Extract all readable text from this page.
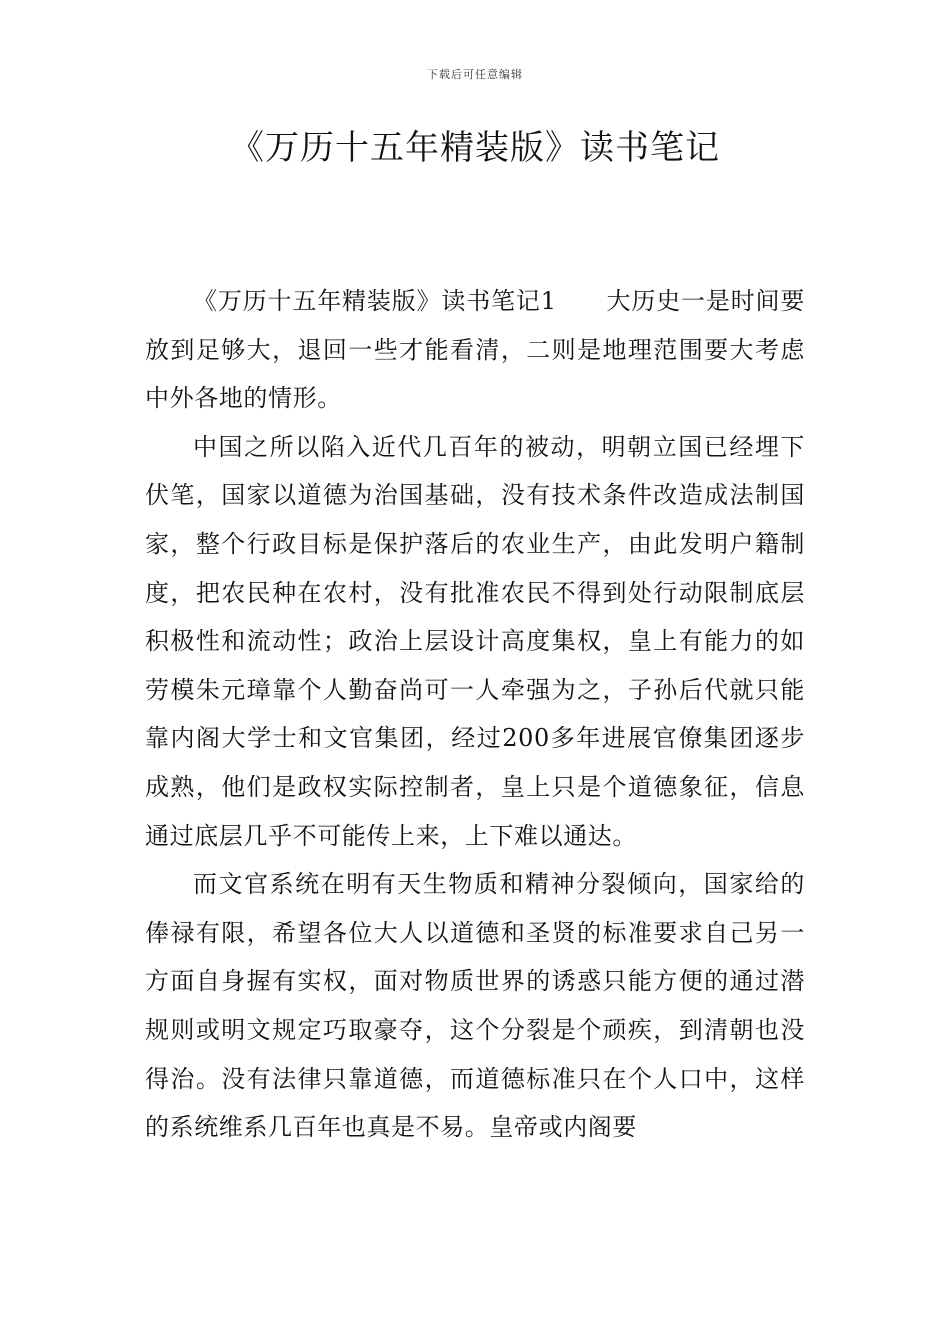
下载后可任意编辑
《万历十五年精装版》读书笔记

《万历十五年精装版》读书笔记1　　大历史一是时间要放到足够大，退回一些才能看清，二则是地理范围要大考虑中外各地的情形。

中国之所以陷入近代几百年的被动，明朝立国已经埋下伏笔，国家以道德为治国基础，没有技术条件改造成法制国家，整个行政目标是保护落后的农业生产，由此发明户籍制度，把农民种在农村，没有批准农民不得到处行动限制底层积极性和流动性；政治上层设计高度集权，皇上有能力的如劳模朱元璋靠个人勤奋尚可一人牵强为之，子孙后代就只能靠内阁大学士和文官集团，经过200多年进展官僚集团逐步成熟，他们是政权实际控制者，皇上只是个道德象征，信息通过底层几乎不可能传上来，上下难以通达。

而文官系统在明有天生物质和精神分裂倾向，国家给的俸禄有限，希望各位大人以道德和圣贤的标准要求自己另一方面自身握有实权，面对物质世界的诱惑只能方便的通过潜规则或明文规定巧取豪夺，这个分裂是个顽疾，到清朝也没得治。没有法律只靠道德，而道德标准只在个人口中，这样的系统维系几百年也真是不易。皇帝或内阁要
